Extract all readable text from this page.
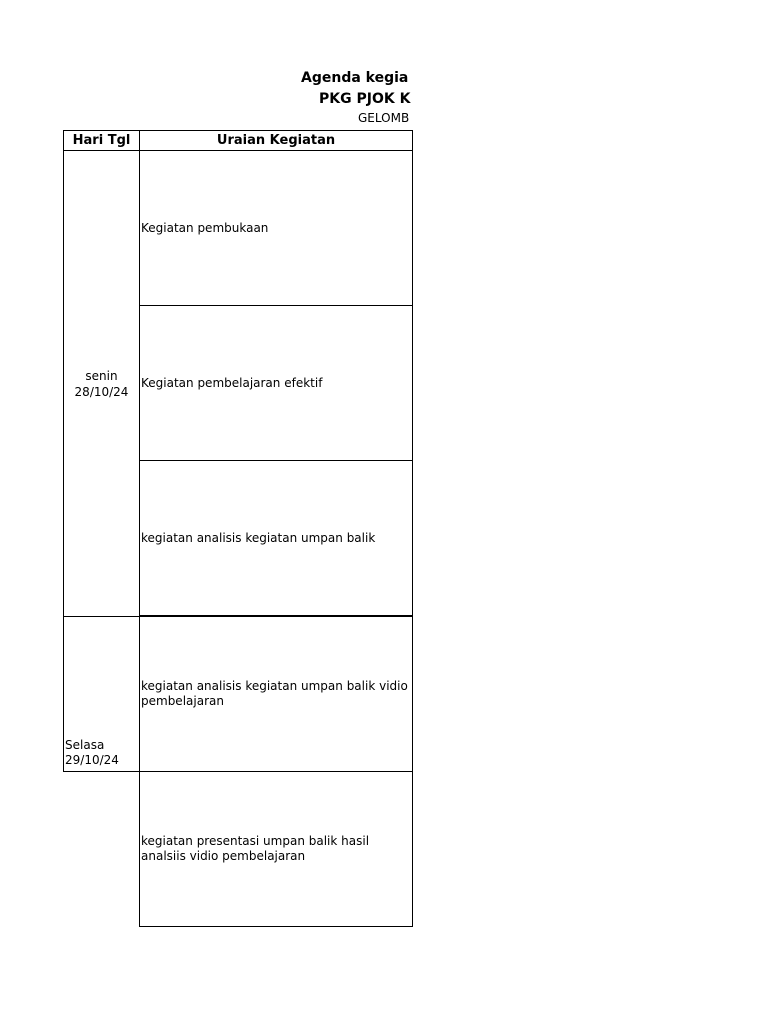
Agenda kegia
PKG PJOK K
GELOMB
Hari Tgl	Uraian Kegiatan
senin
28/10/24
Selasa
29/10/24
Kegiatan pembukaan
Kegiatan pembelajaran efektif
kegiatan analisis kegiatan umpan balik
kegiatan analisis kegiatan umpan balik vidio pembelajaran
kegiatan presentasi umpan balik hasil analsiis vidio pembelajaran
